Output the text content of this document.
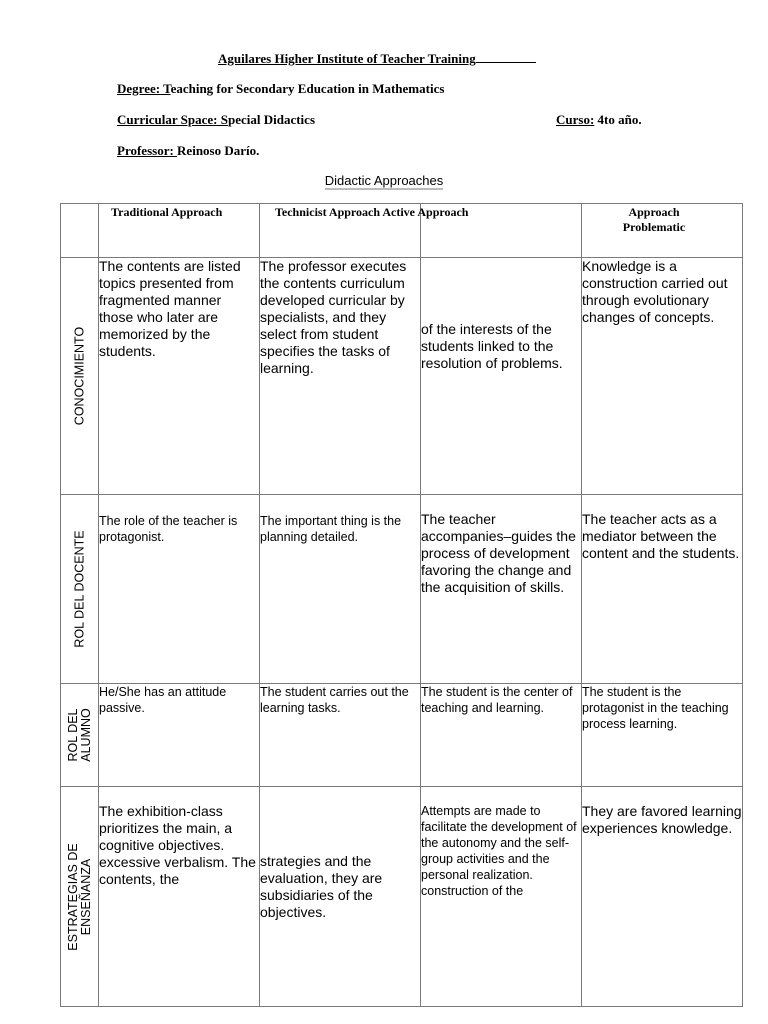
Aguilares Higher Institute of Teacher Training
Degree: Teaching for Secondary Education in Mathematics
Curricular Space: Special Didactics	Curso: 4to año.
Professor: Reinoso Darío.
Didactic Approaches
	Traditional Approach	Technicist Approach Active Approach		Approach Problematic

CONOCIMIENTO	The contents are listed topics presented from fragmented manner those who later are memorized by the students.	The professor executes the contents curriculum developed curricular by specialists, and they select from student specifies the tasks of learning.	of the interests of the students linked to the resolution of problems.	Knowledge is a construction carried out through evolutionary changes of concepts.

ROL DEL DOCENTE	The role of the teacher is protagonist.	The important thing is the planning detailed.	The teacher accompanies–guides the process of development favoring the change and the acquisition of skills.	The teacher acts as a mediator between the content and the students.

ROL DEL ALUMNO	He/She has an attitude passive.	The student carries out the learning tasks.	The student is the center of teaching and learning.	The student is the protagonist in the teaching process learning.

ESTRATEGIAS DE ENSEÑANZA	The exhibition-class prioritizes the main, a cognitive objectives. excessive verbalism. The contents, the	strategies and the evaluation, they are subsidiaries of the objectives.	Attempts are made to facilitate the development of the autonomy and the self- group activities and the personal realization. construction of the	They are favored learning experiences knowledge.
